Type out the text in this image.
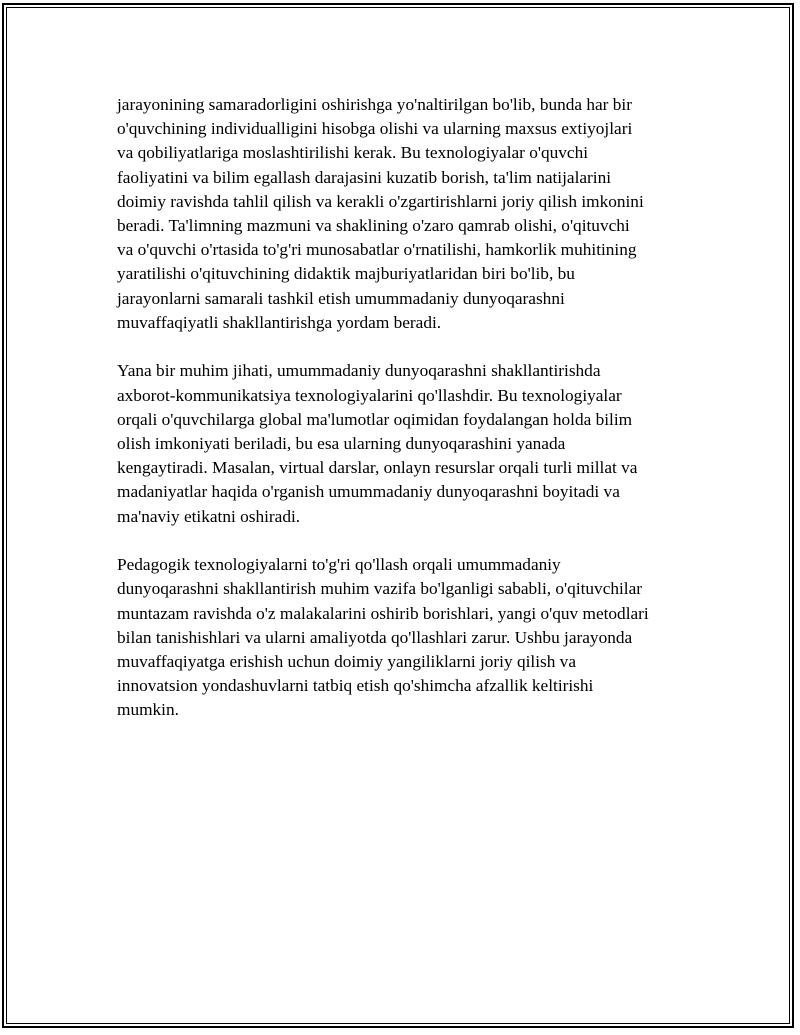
jarayonining samaradorligini oshirishga yo'naltirilgan bo'lib, bunda har bir
o'quvchining individualligini hisobga olishi va ularning maxsus extiyojlari
va qobiliyatlariga moslashtirilishi kerak. Bu texnologiyalar o'quvchi
faoliyatini va bilim egallash darajasini kuzatib borish, ta'lim natijalarini
doimiy ravishda tahlil qilish va kerakli o'zgartirishlarni joriy qilish imkonini
beradi. Ta'limning mazmuni va shaklining o'zaro qamrab olishi, o'qituvchi
va o'quvchi o'rtasida to'g'ri munosabatlar o'rnatilishi, hamkorlik muhitining
yaratilishi o'qituvchining didaktik majburiyatlaridan biri bo'lib, bu
jarayonlarni samarali tashkil etish umummadaniy dunyoqarashni
muvaffaqiyatli shakllantirishga yordam beradi.

Yana bir muhim jihati, umummadaniy dunyoqarashni shakllantirishda
axborot-kommunikatsiya texnologiyalarini qo'llashdir. Bu texnologiyalar
orqali o'quvchilarga global ma'lumotlar oqimidan foydalangan holda bilim
olish imkoniyati beriladi, bu esa ularning dunyoqarashini yanada
kengaytiradi. Masalan, virtual darslar, onlayn resurslar orqali turli millat va
madaniyatlar haqida o'rganish umummadaniy dunyoqarashni boyitadi va
ma'naviy etikatni oshiradi.

Pedagogik texnologiyalarni to'g'ri qo'llash orqali umummadaniy
dunyoqarashni shakllantirish muhim vazifa bo'lganligi sababli, o'qituvchilar
muntazam ravishda o'z malakalarini oshirib borishlari, yangi o'quv metodlari
bilan tanishishlari va ularni amaliyotda qo'llashlari zarur. Ushbu jarayonda
muvaffaqiyatga erishish uchun doimiy yangiliklarni joriy qilish va
innovatsion yondashuvlarni tatbiq etish qo'shimcha afzallik keltirishi
mumkin.
